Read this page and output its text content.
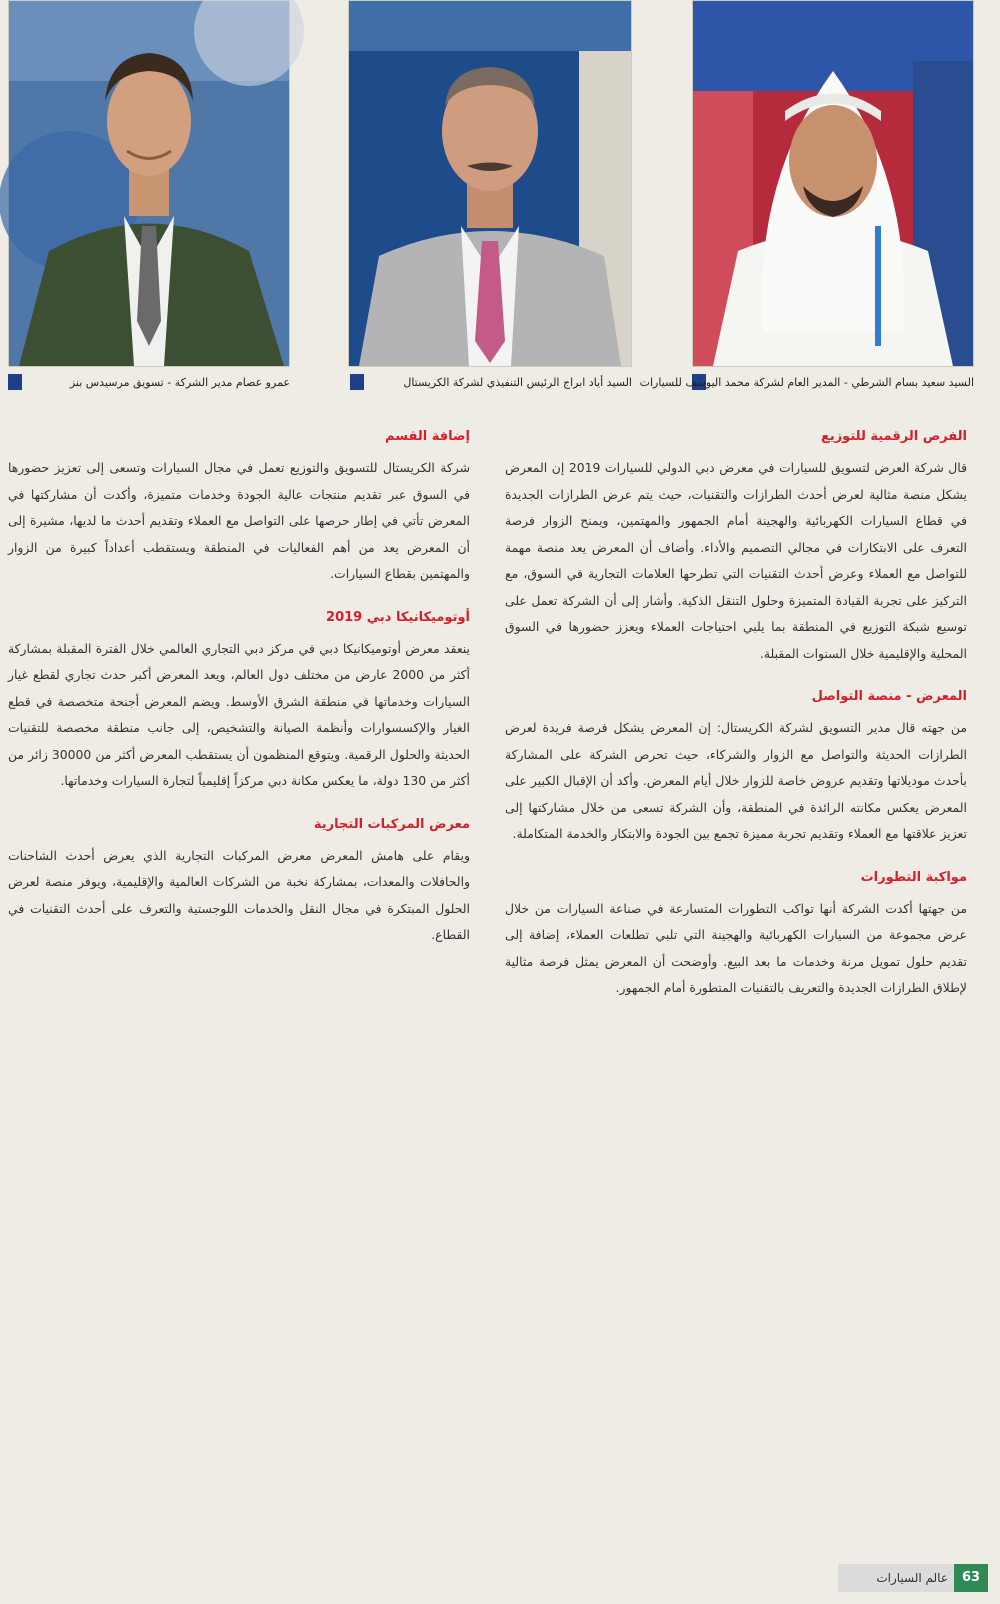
عمرو عصام مدير الشركة - تسويق مرسيدس بنز	السيد أياد ابراج الرئيس التنفيذي لشركة الكريستال السيد سعيد بسام الشرطي - المدير العام لشركة محمد اليوسف للسيارات
الفرص الرقمية للتوزيع

قال شركة العرض لتسويق للسيارات في معرض دبي الدولي للسيارات 2019 إن المعرض يشكل منصة مثالية لعرض أحدث الطرازات والتقنيات، حيث يتم عرض الطرازات الجديدة في قطاع السيارات الكهربائية والهجينة أمام الجمهور والمهتمين، ويمنح الزوار فرصة التعرف على الابتكارات في مجالي التصميم والأداء. وأضاف أن المعرض يعد منصة مهمة للتواصل مع العملاء وعرض أحدث التقنيات التي تطرحها العلامات التجارية في السوق، مع التركيز على تجربة القيادة المتميزة وحلول التنقل الذكية. وأشار إلى أن الشركة تعمل على توسيع شبكة التوزيع في المنطقة بما يلبي احتياجات العملاء ويعزز حضورها في السوق المحلية والإقليمية خلال السنوات المقبلة.

المعرض - منصة التواصل

من جهته قال مدير التسويق لشركة الكريستال: إن المعرض يشكل فرصة فريدة لعرض الطرازات الحديثة والتواصل مع الزوار والشركاء، حيث تحرص الشركة على المشاركة بأحدث موديلاتها وتقديم عروض خاصة للزوار خلال أيام المعرض. وأكد أن الإقبال الكبير على المعرض يعكس مكانته الرائدة في المنطقة، وأن الشركة تسعى من خلال مشاركتها إلى تعزيز علاقتها مع العملاء وتقديم تجربة مميزة تجمع بين الجودة والابتكار والخدمة المتكاملة.

مواكبة التطورات

من جهتها أكدت الشركة أنها تواكب التطورات المتسارعة في صناعة السيارات من خلال عرض مجموعة من السيارات الكهربائية والهجينة التي تلبي تطلعات العملاء، إضافة إلى تقديم حلول تمويل مرنة وخدمات ما بعد البيع. وأوضحت أن المعرض يمثل فرصة مثالية لإطلاق الطرازات الجديدة والتعريف بالتقنيات المتطورة أمام الجمهور.

إضافة القسم

شركة الكريستال للتسويق والتوزيع تعمل في مجال السيارات وتسعى إلى تعزيز حضورها في السوق عبر تقديم منتجات عالية الجودة وخدمات متميزة، وأكدت أن مشاركتها في المعرض تأتي في إطار حرصها على التواصل مع العملاء وتقديم أحدث ما لديها، مشيرة إلى أن المعرض يعد من أهم الفعاليات في المنطقة ويستقطب أعداداً كبيرة من الزوار والمهتمين بقطاع السيارات.

أوتوميكانيكا دبي 2019

ينعقد معرض أوتوميكانيكا دبي في مركز دبي التجاري العالمي خلال الفترة المقبلة بمشاركة أكثر من 2000 عارض من مختلف دول العالم، ويعد المعرض أكبر حدث تجاري لقطع غيار السيارات وخدماتها في منطقة الشرق الأوسط. ويضم المعرض أجنحة متخصصة في قطع الغيار والإكسسوارات وأنظمة الصيانة والتشخيص، إلى جانب منطقة مخصصة للتقنيات الحديثة والحلول الرقمية. ويتوقع المنظمون أن يستقطب المعرض أكثر من 30000 زائر من أكثر من 130 دولة، ما يعكس مكانة دبي مركزاً إقليمياً لتجارة السيارات وخدماتها.

معرض المركبات التجارية

ويقام على هامش المعرض معرض المركبات التجارية الذي يعرض أحدث الشاحنات والحافلات والمعدات، بمشاركة نخبة من الشركات العالمية والإقليمية، ويوفر منصة لعرض الحلول المبتكرة في مجال النقل والخدمات اللوجستية والتعرف على أحدث التقنيات في القطاع.

عالم السيارات	63
